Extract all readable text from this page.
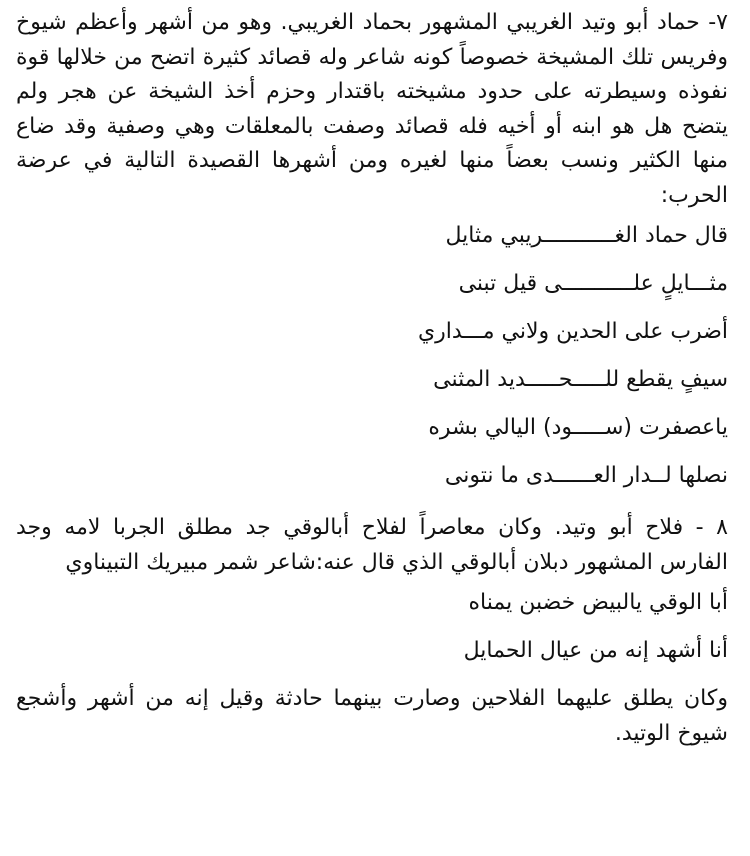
٧- حماد أبو وتيد الغريبي المشهور بحماد الغريبي. وهو من أشهر وأعظم شيوخ وفريس تلك المشيخة خصوصاً كونه شاعر وله قصائد كثيرة اتضح من خلالها قوة نفوذه وسيطرته على حدود مشيخته باقتدار وحزم أخذ الشيخة عن هجر ولم يتضح هل هو ابنه أو أخيه فله قصائد وصفت بالمعلقات وهي وصفية وقد ضاع منها الكثير ونسب بعضاً منها لغيره ومن أشهرها القصيدة التالية في عرضة الحرب:

قال حماد الغـــــــــــريبي مثايل

مثـــايلٍ علـــــــــــى قيل تبنى

أضرب على الحدين ولاني مـــداري

سيفٍ يقطع للـــــحـــــديد المثنى

ياعصفرت (ســـــود) اليالي بشره

نصلها لــدار العــــــدى ما نتونى

٨ - فلاح أبو وتيد. وكان معاصراً لفلاح أبالوقي جد مطلق الجربا لامه وجد الفارس المشهور دبلان أبالوقي الذي قال عنه:شاعر شمر مبيريك التبيناوي

أبا الوقي يالبيض خضبن يمناه

أنا أشهد إنه من عيال الحمايل

وكان يطلق عليهما الفلاحين وصارت بينهما حادثة وقيل إنه من أشهر وأشجع شيوخ الوتيد.
